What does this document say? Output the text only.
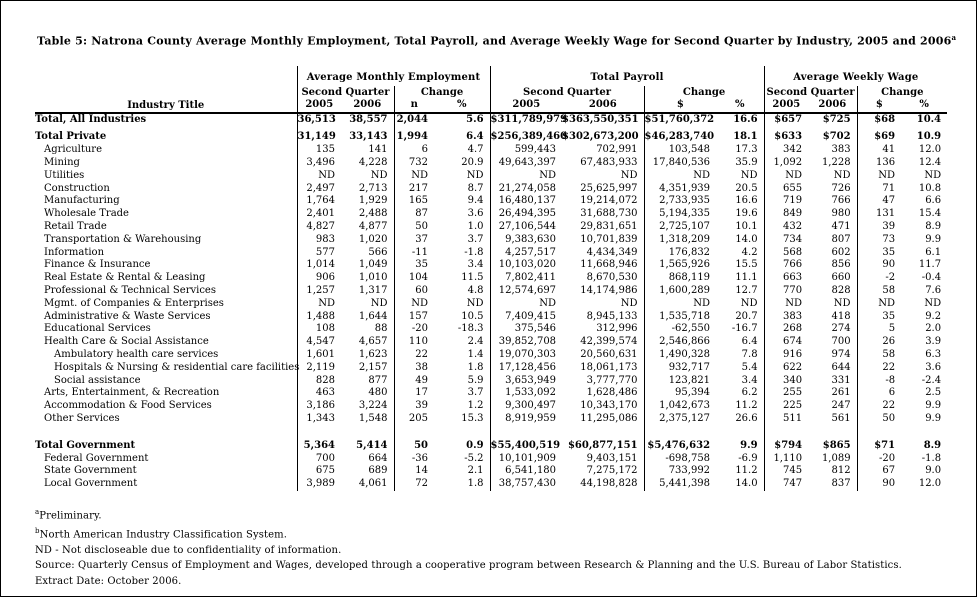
Table 5: Natrona County Average Monthly Employment, Total Payroll, and Average Weekly Wage for Second Quarter by Industry, 2005 and 2006$^a$
	Average Monthly Employment				Total Payroll				Average Weekly Wage			
	Second Quarter		Change		Second Quarter		Change		Second Quarter		Change	
Industry Title	2005	2006	n	%	2005	2006	$	%	2005	2006	$	%
Total, All Industries	36,513	38,557	2,044	5.6	$311,789,979	$363,550,351	$51,760,372	16.6	$657	$725	$68	10.4
Total Private	31,149	33,143	1,994	6.4	$256,389,460	$302,673,200	$46,283,740	18.1	$633	$702	$69	10.9
Agriculture	135	141	6	4.7	599,443	702,991	103,548	17.3	342	383	41	12.0
Mining	3,496	4,228	732	20.9	49,643,397	67,483,933	17,840,536	35.9	1,092	1,228	136	12.4
Utilities	ND	ND	ND	ND	ND	ND	ND	ND	ND	ND	ND	ND
Construction	2,497	2,713	217	8.7	21,274,058	25,625,997	4,351,939	20.5	655	726	71	10.8
Manufacturing	1,764	1,929	165	9.4	16,480,137	19,214,072	2,733,935	16.6	719	766	47	6.6
Wholesale Trade	2,401	2,488	87	3.6	26,494,395	31,688,730	5,194,335	19.6	849	980	131	15.4
Retail Trade	4,827	4,877	50	1.0	27,106,544	29,831,651	2,725,107	10.1	432	471	39	8.9
Transportation & Warehousing	983	1,020	37	3.7	9,383,630	10,701,839	1,318,209	14.0	734	807	73	9.9
Information	577	566	-11	-1.8	4,257,517	4,434,349	176,832	4.2	568	602	35	6.1
Finance & Insurance	1,014	1,049	35	3.4	10,103,020	11,668,946	1,565,926	15.5	766	856	90	11.7
Real Estate & Rental & Leasing	906	1,010	104	11.5	7,802,411	8,670,530	868,119	11.1	663	660	-2	-0.4
Professional & Technical Services	1,257	1,317	60	4.8	12,574,697	14,174,986	1,600,289	12.7	770	828	58	7.6
Mgmt. of Companies & Enterprises	ND	ND	ND	ND	ND	ND	ND	ND	ND	ND	ND	ND
Administrative & Waste Services	1,488	1,644	157	10.5	7,409,415	8,945,133	1,535,718	20.7	383	418	35	9.2
Educational Services	108	88	-20	-18.3	375,546	312,996	-62,550	-16.7	268	274	5	2.0
Health Care & Social Assistance	4,547	4,657	110	2.4	39,852,708	42,399,574	2,546,866	6.4	674	700	26	3.9
Ambulatory health care services	1,601	1,623	22	1.4	19,070,303	20,560,631	1,490,328	7.8	916	974	58	6.3
Hospitals & Nursing & residential care facilities	2,119	2,157	38	1.8	17,128,456	18,061,173	932,717	5.4	622	644	22	3.6
Social assistance	828	877	49	5.9	3,653,949	3,777,770	123,821	3.4	340	331	-8	-2.4
Arts, Entertainment, & Recreation	463	480	17	3.7	1,533,092	1,628,486	95,394	6.2	255	261	6	2.5
Accommodation & Food Services	3,186	3,224	39	1.2	9,300,497	10,343,170	1,042,673	11.2	225	247	22	9.9
Other Services	1,343	1,548	205	15.3	8,919,959	11,295,086	2,375,127	26.6	511	561	50	9.9
Total Government	5,364	5,414	50	0.9	$55,400,519	$60,877,151	$5,476,632	9.9	$794	$865	$71	8.9
Federal Government	700	664	-36	-5.2	10,101,909	9,403,151	-698,758	-6.9	1,110	1,089	-20	-1.8
State Government	675	689	14	2.1	6,541,180	7,275,172	733,992	11.2	745	812	67	9.0
Local Government	3,989	4,061	72	1.8	38,757,430	44,198,828	5,441,398	14.0	747	837	90	12.0
$^a$Preliminary.
$^b$North American Industry Classification System.
ND - Not discloseable due to confidentiality of information.
Source: Quarterly Census of Employment and Wages, developed through a cooperative program between Research & Planning and the U.S. Bureau of Labor Statistics.
Extract Date: October 2006.
